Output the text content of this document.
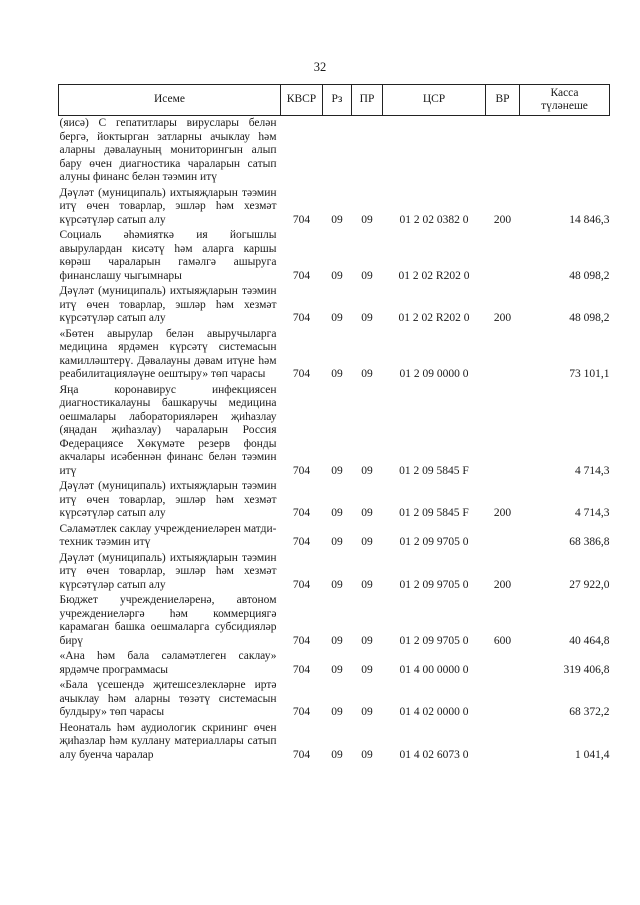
32
Исеме	КВСР	Рз	ПР	ЦСР	ВР	Касса
түләнеше

(яисә) С гепатитлары вируслары белән бергә, йоктырган затларны ачыклау һәм аларны дәвалауның мониторингын алып бару өчен диагностика чараларын сатып алуны финанс белән тәэмин итү						
Дәүләт (муниципаль) ихтыяҗларын тәэмин итү өчен товарлар, эшләр һәм хезмәт күрсәтүләр сатып алу	704	09	09	01 2 02 0382 0	200	14 846,3
Социаль әһәмияткә ия йогышлы авырулардан кисәтү һәм аларга каршы көрәш чараларын гамәлгә ашыруга финанслашу чыгымнары	704	09	09	01 2 02 R202 0		48 098,2
Дәүләт (муниципаль) ихтыяҗларын тәэмин итү өчен товарлар, эшләр һәм хезмәт күрсәтүләр сатып алу	704	09	09	01 2 02 R202 0	200	48 098,2
«Бөтен авырулар белән авыручыларга медицина ярдәмен күрсәтү системасын камилләштерү. Дәвалауны дәвам итүне һәм реабилитацияләүне оештыру» төп чарасы	704	09	09	01 2 09 0000 0		73 101,1
Яңа коронавирус инфекциясен диагностикалауны башкаручы медицина оешмалары лабораторияләрен җиһазлау (яңадан җиһазлау) чараларын Россия Федерациясе Хөкүмәте резерв фонды акчалары исәбеннән финанс белән тәэмин итү	704	09	09	01 2 09 5845 F		4 714,3
Дәүләт (муниципаль) ихтыяҗларын тәэмин итү өчен товарлар, эшләр һәм хезмәт күрсәтүләр сатып алу	704	09	09	01 2 09 5845 F	200	4 714,3
Сәламәтлек саклау учреждениеләрен матди-техник тәэмин итү	704	09	09	01 2 09 9705 0		68 386,8
Дәүләт (муниципаль) ихтыяҗларын тәэмин итү өчен товарлар, эшләр һәм хезмәт күрсәтүләр сатып алу	704	09	09	01 2 09 9705 0	200	27 922,0
Бюджет учреждениеләренә, автоном учреждениеләргә һәм коммерциягә карамаган башка оешмаларга субсидияләр бирү	704	09	09	01 2 09 9705 0	600	40 464,8
«Ана һәм бала сәламәтлеген саклау» ярдәмче программасы	704	09	09	01 4 00 0000 0		319 406,8
«Бала үсешендә җитешсезлекләрне иртә ачыклау һәм аларны төзәтү системасын булдыру» төп чарасы	704	09	09	01 4 02 0000 0		68 372,2
Неонаталь һәм аудиологик скрининг өчен җиһазлар һәм куллану материаллары сатып алу буенча чаралар	704	09	09	01 4 02 6073 0		1 041,4
